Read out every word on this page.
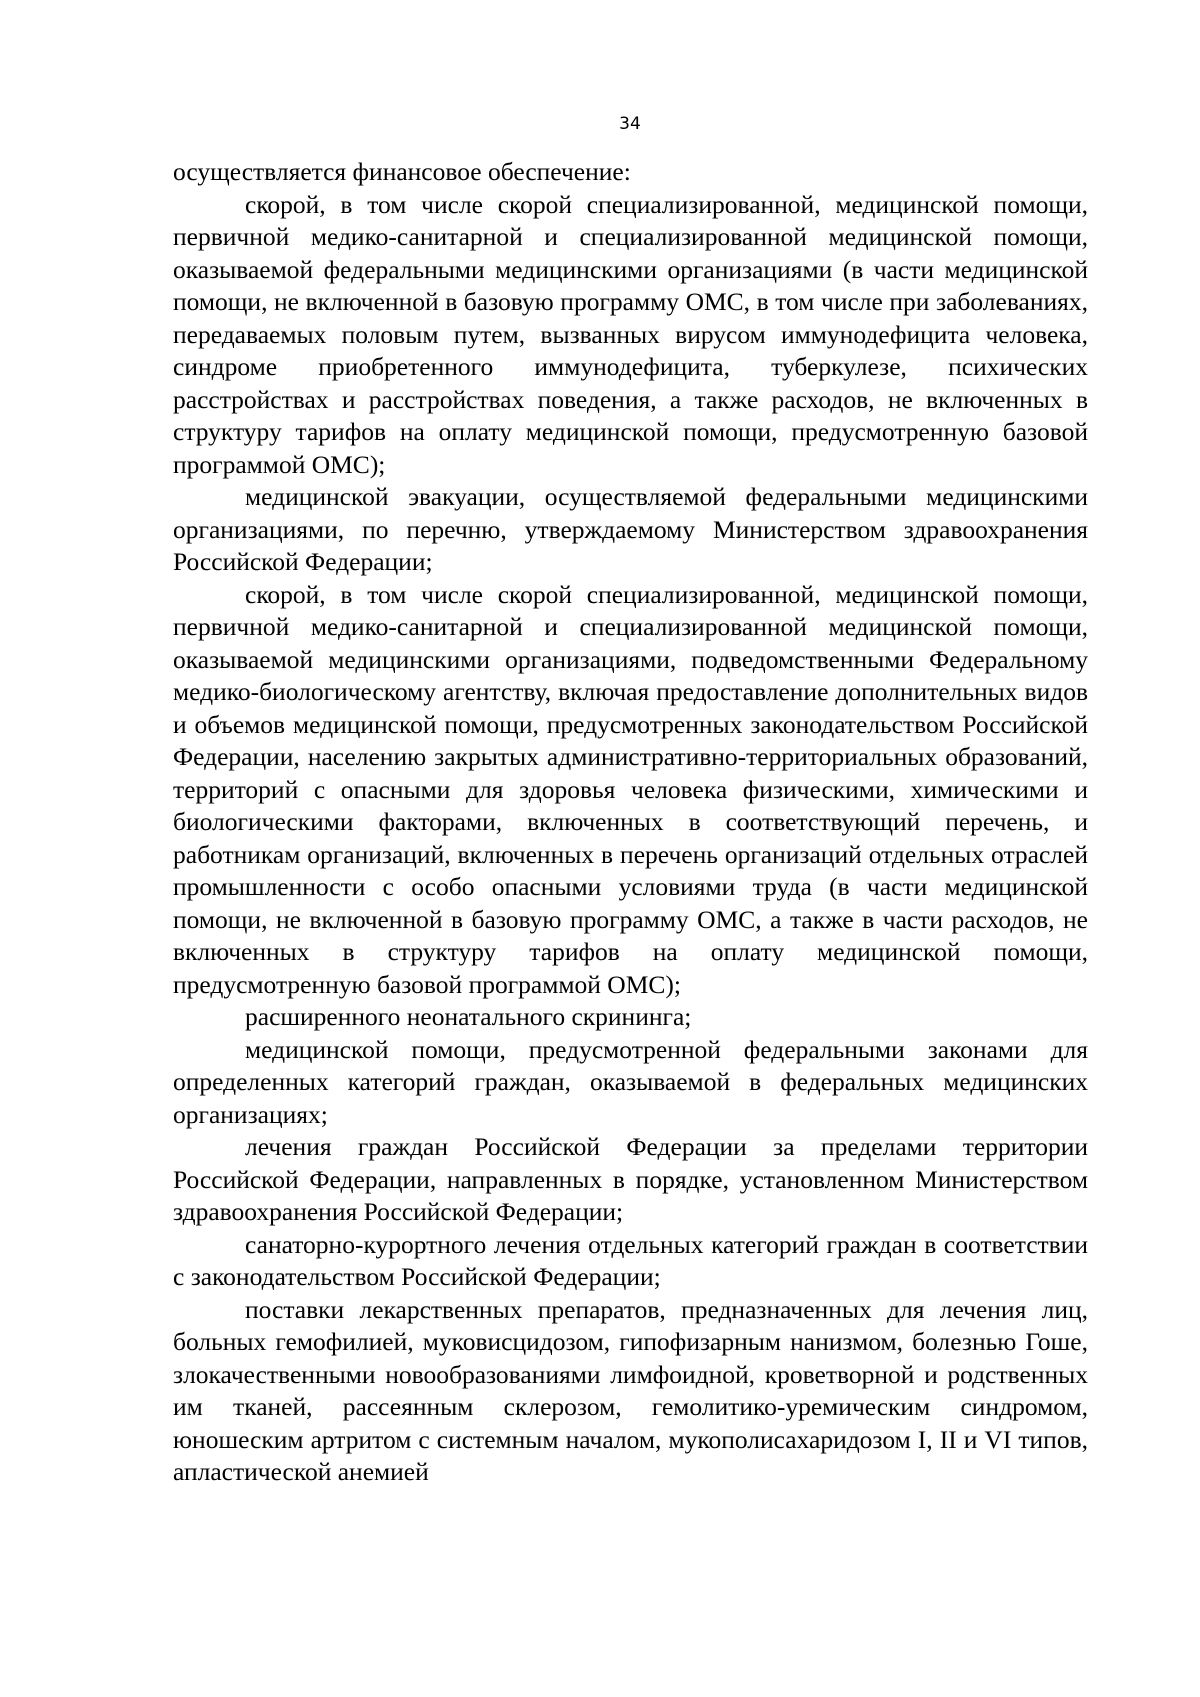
34

осуществляется финансовое обеспечение:

скорой, в том числе скорой специализированной, медицинской помощи, первичной медико-санитарной и специализированной медицинской помощи, оказываемой федеральными медицинскими организациями (в части медицинской помощи, не включенной в базовую программу ОМС, в том числе при заболеваниях, передаваемых половым путем, вызванных вирусом иммунодефицита человека, синдроме приобретенного иммунодефицита, туберкулезе, психических расстройствах и расстройствах поведения, а также расходов, не включенных в структуру тарифов на оплату медицинской помощи, предусмотренную базовой программой ОМС);

медицинской эвакуации, осуществляемой федеральными медицинскими организациями, по перечню, утверждаемому Министерством здравоохранения Российской Федерации;

скорой, в том числе скорой специализированной, медицинской помощи, первичной медико-санитарной и специализированной медицинской помощи, оказываемой медицинскими организациями, подведомственными Федеральному медико-биологическому агентству, включая предоставление дополнительных видов и объемов медицинской помощи, предусмотренных законодательством Российской Федерации, населению закрытых административно-территориальных образований, территорий с опасными для здоровья человека физическими, химическими и биологическими факторами, включенных в соответствующий перечень, и работникам организаций, включенных в перечень организаций отдельных отраслей промышленности с особо опасными условиями труда (в части медицинской помощи, не включенной в базовую программу ОМС, а также в части расходов, не включенных в структуру тарифов на оплату медицинской помощи, предусмотренную базовой программой ОМС);

расширенного неонатального скрининга;

медицинской помощи, предусмотренной федеральными законами для определенных категорий граждан, оказываемой в федеральных медицинских организациях;

лечения граждан Российской Федерации за пределами территории Российской Федерации, направленных в порядке, установленном Министерством здравоохранения Российской Федерации;

санаторно-курортного лечения отдельных категорий граждан в соответствии с законодательством Российской Федерации;

поставки лекарственных препаратов, предназначенных для лечения лиц, больных гемофилией, муковисцидозом, гипофизарным нанизмом, болезнью Гоше, злокачественными новообразованиями лимфоидной, кроветворной и родственных им тканей, рассеянным склерозом, гемолитико-уремическим синдромом, юношеским артритом с системным началом, мукополисахаридозом I, II и VI типов, апластической анемией
